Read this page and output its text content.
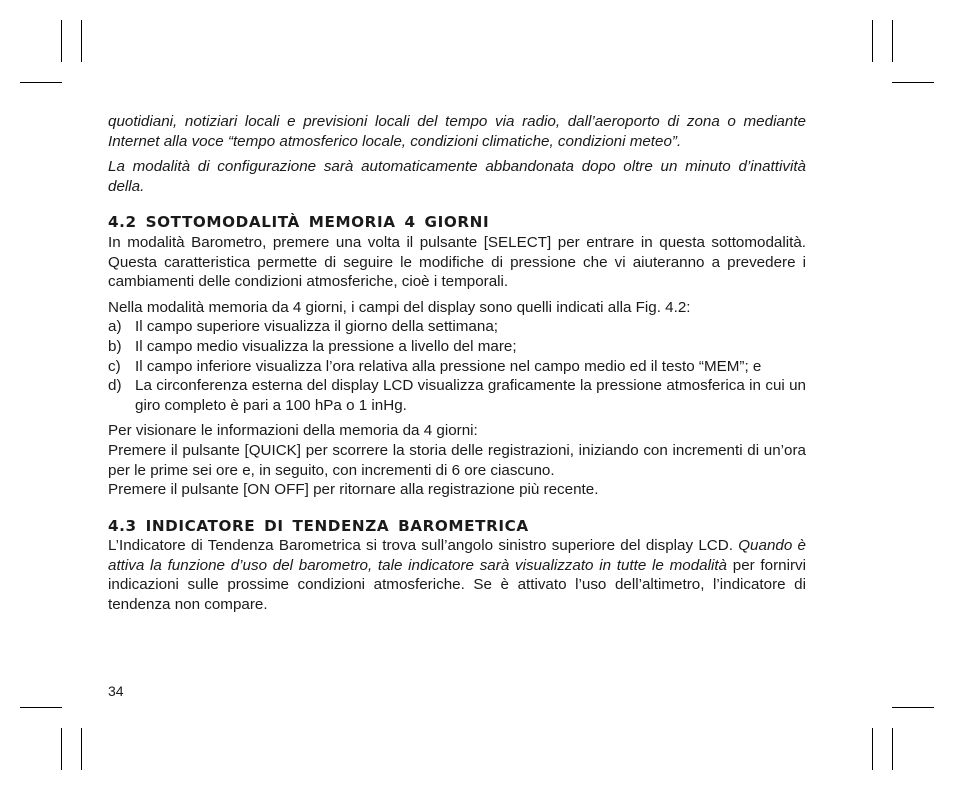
quotidiani, notiziari locali e previsioni locali del tempo via radio, dall’aeroporto di zona o mediante Internet alla voce “tempo atmosferico locale, condizioni climatiche, condizioni meteo”.

La modalità di configurazione sarà automaticamente abbandonata dopo oltre un minuto d’inattività della.

4.2 SOTTOMODALITÀ MEMORIA 4 GIORNI

In modalità Barometro, premere una volta il pulsante [SELECT] per entrare in questa sottomodalità. Questa caratteristica permette di seguire le modifiche di pressione che vi aiuteranno a prevedere i cambiamenti delle condizioni atmosferiche, cioè i temporali.

Nella modalità memoria da 4 giorni, i campi del display sono quelli indicati alla Fig. 4.2:

a) Il campo superiore visualizza il giorno della settimana;
b) Il campo medio visualizza la pressione a livello del mare;
c) Il campo inferiore visualizza l’ora relativa alla pressione nel campo medio ed il testo “MEM”; e
d) La circonferenza esterna del display LCD visualizza graficamente la pressione atmosferica in cui un giro completo è pari a 100 hPa o 1 inHg.

Per visionare le informazioni della memoria da 4 giorni:

Premere il pulsante [QUICK] per scorrere la storia delle registrazioni, iniziando con incrementi di un’ora per le prime sei ore e, in seguito, con incrementi di 6 ore ciascuno.

Premere il pulsante [ON OFF] per ritornare alla registrazione più recente.

4.3 INDICATORE DI TENDENZA BAROMETRICA

L’Indicatore di Tendenza Barometrica si trova sull’angolo sinistro superiore del display LCD. Quando è attiva la funzione d’uso del barometro, tale indicatore sarà visualizzato in tutte le modalità per fornirvi indicazioni sulle prossime condizioni atmosferiche. Se è attivato l’uso dell’altimetro, l’indicatore di tendenza non compare.

34
